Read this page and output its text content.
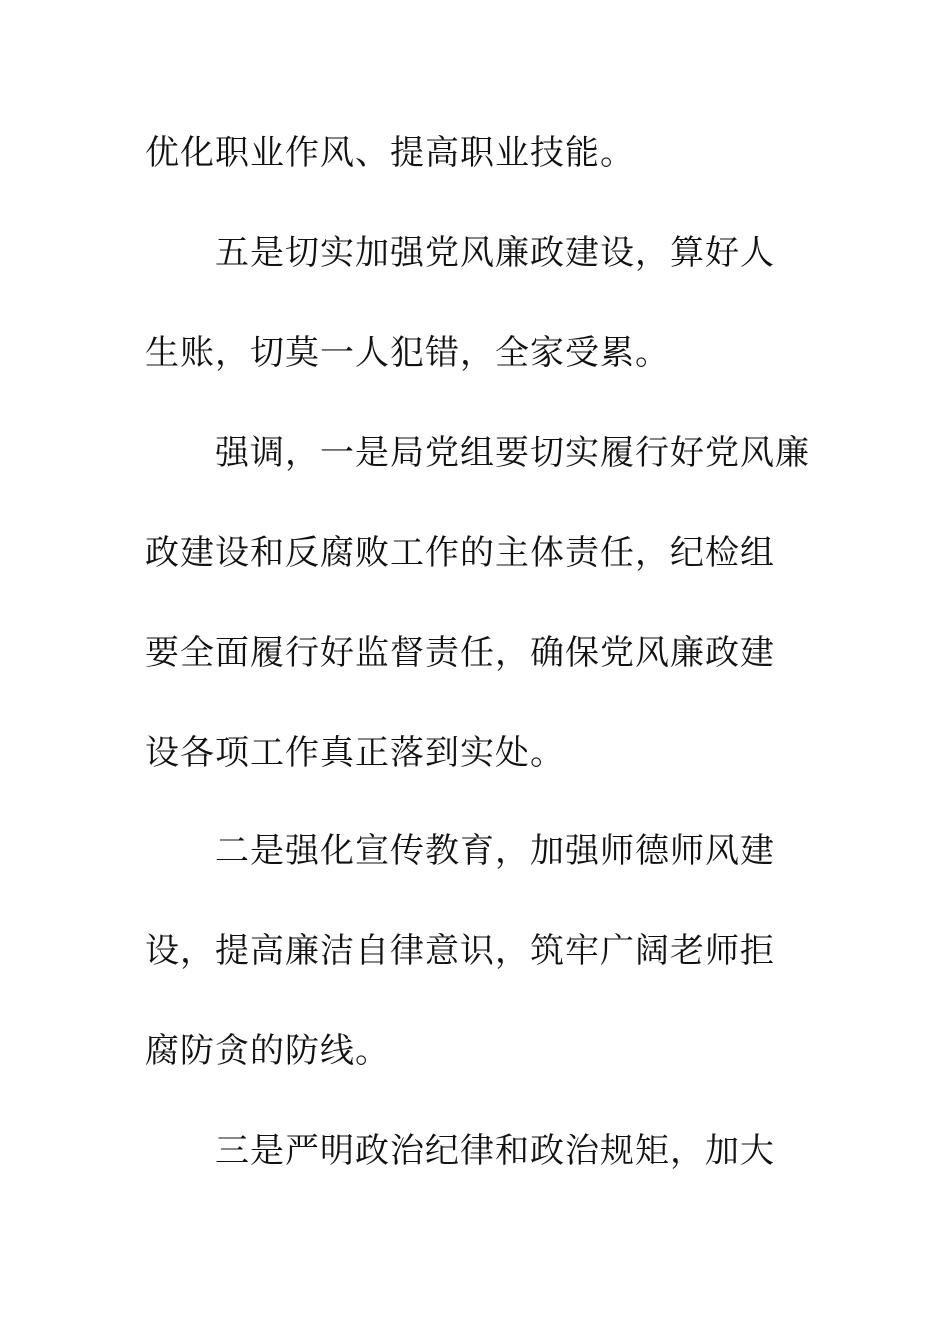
优化职业作风、提高职业技能。

五是切实加强党风廉政建设，算好人

生账，切莫一人犯错，全家受累。

强调，一是局党组要切实履行好党风廉

政建设和反腐败工作的主体责任，纪检组

要全面履行好监督责任，确保党风廉政建

设各项工作真正落到实处。

二是强化宣传教育，加强师德师风建

设，提高廉洁自律意识，筑牢广阔老师拒

腐防贪的防线。

三是严明政治纪律和政治规矩，加大
